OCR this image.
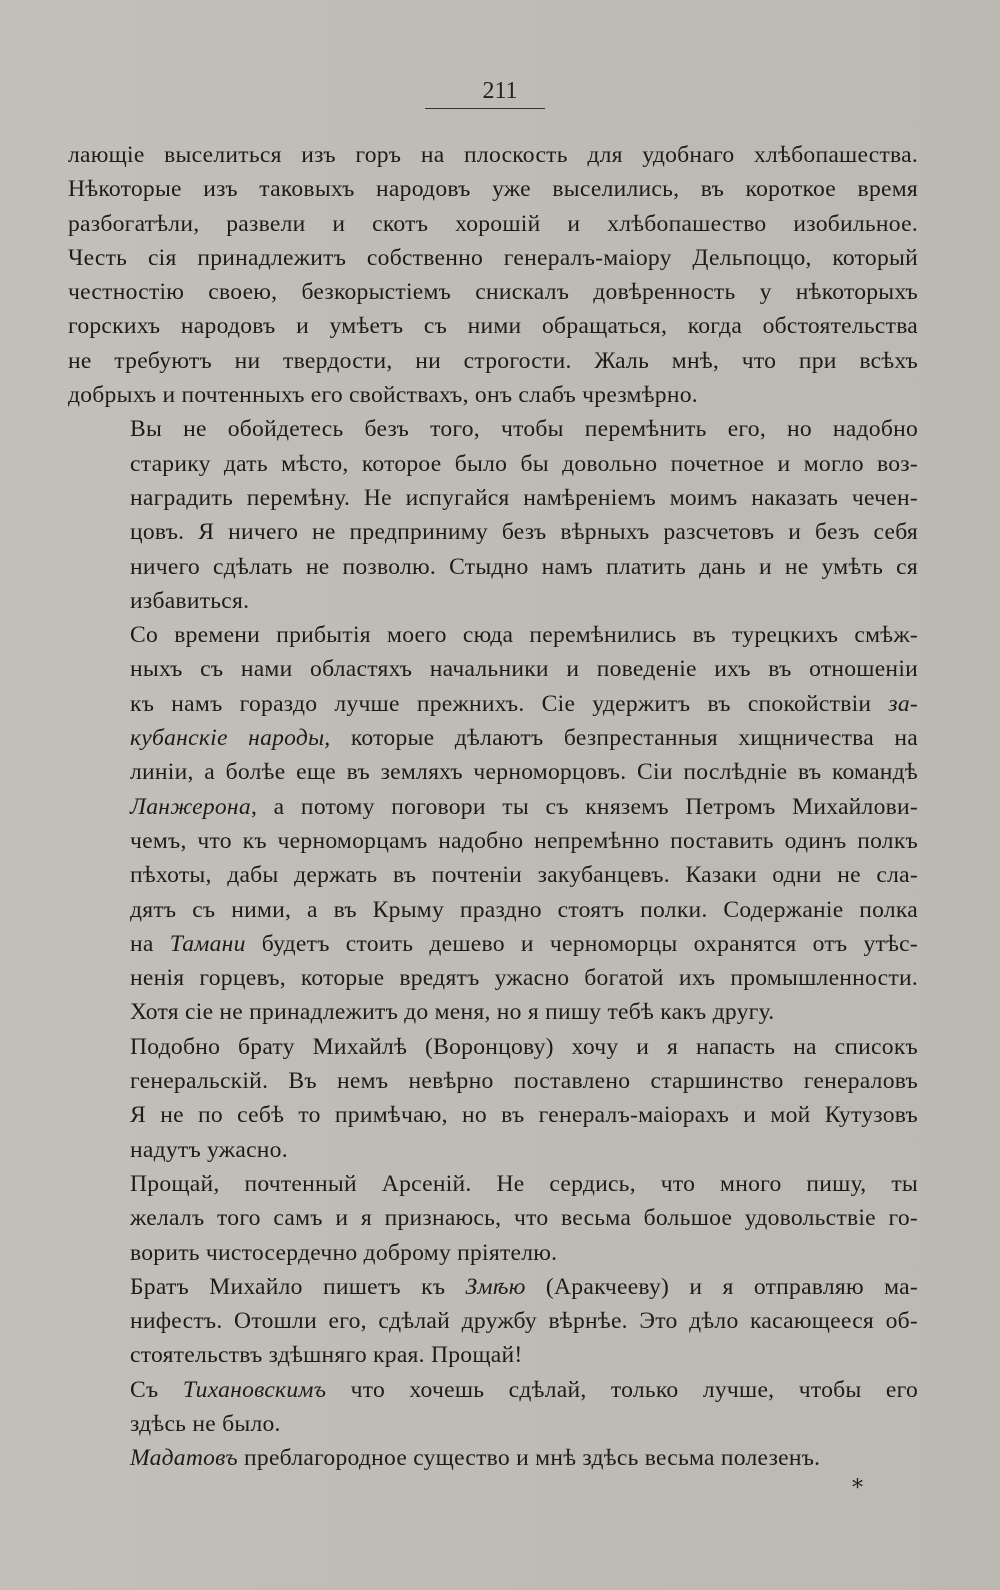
211
лающіе выселиться изъ горъ на плоскость для удобнаго хлѣбопашества.
Нѣкоторые изъ таковыхъ народовъ уже выселились, въ короткое время
разбогатѣли, развели и скотъ хорошій и хлѣбопашество изобильное.
Честь сія принадлежитъ собственно генералъ-маіору Дельпоццо, который
честностію своею, безкорыстіемъ снискалъ довѣренность у нѣкоторыхъ
горскихъ народовъ и умѣетъ съ ними обращаться, когда обстоятельства
не требуютъ ни твердости, ни строгости. Жаль мнѣ, что при всѣхъ
добрыхъ и почтенныхъ его свойствахъ, онъ слабъ чрезмѣрно.
Вы не обойдетесь безъ того, чтобы перемѣнить его, но надобно
старику дать мѣсто, которое было бы довольно почетное и могло воз-
наградить перемѣну. Не испугайся намѣреніемъ моимъ наказать чечен-
цовъ. Я ничего не предприниму безъ вѣрныхъ разсчетовъ и безъ себя
ничего сдѣлать не позволю. Стыдно намъ платить дань и не умѣть ся
избавиться.
Со времени прибытія моего сюда перемѣнились въ турецкихъ смѣж-
ныхъ съ нами областяхъ начальники и поведеніе ихъ въ отношеніи
къ намъ гораздо лучше прежнихъ. Сіе удержитъ въ спокойствіи за-
кубанскіе народы, которые дѣлаютъ безпрестанныя хищничества на
линіи, а болѣе еще въ земляхъ черноморцовъ. Сіи послѣдніе въ командѣ
Ланжерона, а потому поговори ты съ княземъ Петромъ Михайлови-
чемъ, что къ черноморцамъ надобно непремѣнно поставить одинъ полкъ
пѣхоты, дабы держать въ почтеніи закубанцевъ. Казаки одни не сла-
дятъ съ ними, а въ Крыму праздно стоятъ полки. Содержаніе полка
на Тамани будетъ стоить дешево и черноморцы охранятся отъ утѣс-
ненія горцевъ, которые вредятъ ужасно богатой ихъ промышленности.
Хотя сіе не принадлежитъ до меня, но я пишу тебѣ какъ другу.
Подобно брату Михайлѣ (Воронцову) хочу и я напасть на списокъ
генеральскій. Въ немъ невѣрно поставлено старшинство генераловъ
Я не по себѣ то примѣчаю, но въ генералъ-маіорахъ и мой Кутузовъ
надутъ ужасно.
Прощай, почтенный Арсеній. Не сердись, что много пишу, ты
желалъ того самъ и я признаюсь, что весьма большое удовольствіе го-
ворить чистосердечно доброму пріятелю.
Братъ Михайло пишетъ къ Змѣю (Аракчееву) и я отправляю ма-
нифестъ. Отошли его, сдѣлай дружбу вѣрнѣе. Это дѣло касающееся об-
стоятельствъ здѣшняго края. Прощай!
Съ Тихановскимъ что хочешь сдѣлай, только лучше, чтобы его
здѣсь не было.
Мадатовъ преблагородное существо и мнѣ здѣсь весьма полезенъ.
*
